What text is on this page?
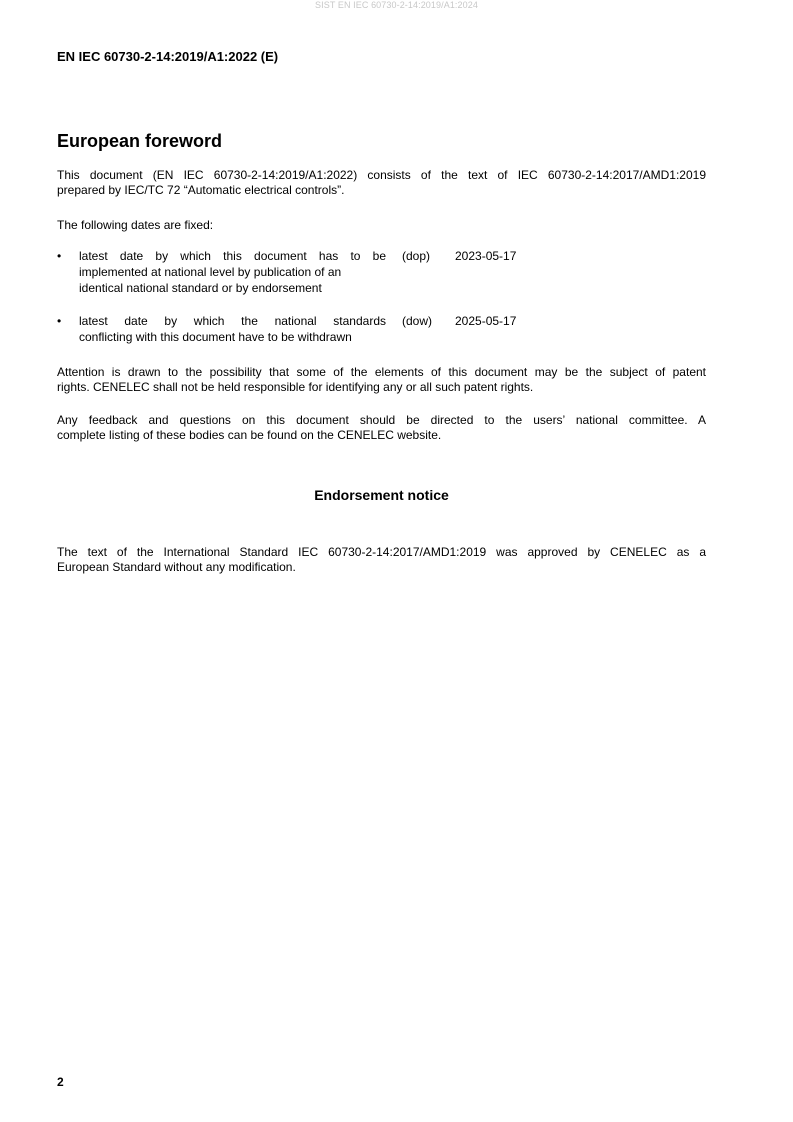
SIST EN IEC 60730-2-14:2019/A1:2024
EN IEC 60730-2-14:2019/A1:2022 (E)
European foreword
This document (EN IEC 60730-2-14:2019/A1:2022) consists of the text of IEC 60730-2-14:2017/AMD1:2019
prepared by IEC/TC 72 “Automatic electrical controls”.
The following dates are fixed:
• latest date by which this document has to be
implemented at national level by publication of an
identical national standard or by endorsement
(dop) 2023-05-17
• latest date by which the national standards
conflicting with this document have to be withdrawn
(dow) 2025-05-17
Attention is drawn to the possibility that some of the elements of this document may be the subject of patent
rights. CENELEC shall not be held responsible for identifying any or all such patent rights.
Any feedback and questions on this document should be directed to the users’ national committee. A
complete listing of these bodies can be found on the CENELEC website.
Endorsement notice
The text of the International Standard IEC 60730-2-14:2017/AMD1:2019 was approved by CENELEC as a
European Standard without any modification.
2
